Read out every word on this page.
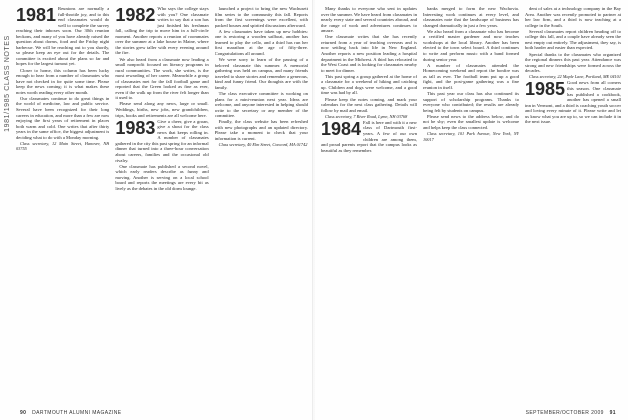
1981/1985 CLASS NOTES

1981 Reunions are normally a full-throttle joy, and to this end classmates would do well to complete the survey reaching their inboxes soon. Our 30th reunion beckons, and many of you have already raised the question about dorms, food and the Friday night barbecue. We will be reaching out to you shortly, so please keep an eye out for the details. The committee is excited about the plans so far and hopes for the largest turnout yet.

Closer to home, this column has been lucky enough to hear from a number of classmates who have not checked in for quite some time. Please keep the news coming; it is what makes these notes worth reading every other month.

Our classmates continue to do great things in the world of medicine, law and public service. Several have been recognized for their long careers in education, and more than a few are now enjoying the first years of retirement in places both warm and cold. One writes that after thirty years in the same office, the biggest adjustment is deciding what to do with a Monday morning.

Class secretary, 12 Main Street, Hanover, NH 03755

1982 Who says the college stays with you? One classmate writes to say that a son has just finished his freshman fall, calling the trip to move him in a full-circle moment. Another reports a reunion of roommates over the summer at a lake house in Maine, where the stories grew taller with every evening around the fire.

We also heard from a classmate now leading a small nonprofit focused on literacy programs in rural communities. The work, she writes, is the most rewarding of her career. Meanwhile a group of classmates met for the fall football game and reported that the Green looked as fine as ever, even if the walk up from the river felt longer than it used to.

Please send along any news, large or small. Weddings, births, new jobs, new grandchildren, trips, books and retirements are all welcome here.

1983 Give a cheer, give a groan, give a shout for the class news that keeps rolling in. A number of classmates gathered in the city this past spring for an informal dinner that turned into a three-hour conversation about careers, families and the occasional old rivalry.

One classmate has published a second novel, which early readers describe as funny and moving. Another is serving on a local school board and reports the meetings are every bit as lively as the debates in the old dorm lounge.

launched a project to bring the new Wachusett film series to the community this fall. Reports from the first screenings were excellent, with packed houses and spirited discussions afterward.

A few classmates have taken up new hobbies: one is restoring a wooden sailboat, another has learned to play the cello, and a third has run her first marathon at the age of fifty-three. Congratulations all around.

We were sorry to learn of the passing of a beloved classmate this summer. A memorial gathering was held on campus, and many friends traveled to share stories and remember a generous, kind and funny friend. Our thoughts are with the family.

The class executive committee is working on plans for a mini-reunion next year. Ideas are welcome, and anyone interested in helping should write to the secretary or any member of the committee.

Finally, the class website has been refreshed with new photographs and an updated directory. Please take a moment to check that your information is current.

Class secretary, 40 Elm Street, Concord, MA 01742

90 DARTMOUTH ALUMNI MAGAZINE

Many thanks to everyone who sent in updates over the summer. We have heard from classmates in nearly every state and several countries abroad, and the range of work and adventures continues to amaze.

One classmate writes that she has recently returned from a year of teaching overseas and is now settling back into life in New England. Another reports a new position leading a hospital department in the Midwest. A third has relocated to the West Coast and is looking for classmates nearby to meet for dinner.

This past spring a group gathered at the home of a classmate for a weekend of hiking and catching up. Children and dogs were welcome, and a good time was had by all.

Please keep the notes coming, and mark your calendars for the next class gathering. Details will follow by mail and email.

Class secretary, 7 River Road, Lyme, NH 03768

1984 Fall is here and with it a new class of Dartmouth first-years. A few of our own children are among them, and proud parents report that the campus looks as beautiful as they remember.

banks merged to form the new Wachovia. Interesting work continues at every level, and classmates note that the landscape of business has changed dramatically in just a few years.

We also heard from a classmate who has become a certified master gardener and now teaches workshops at the local library. Another has been elected to the town select board. A third continues to write and perform music with a band formed during senior year.

A number of classmates attended the Homecoming weekend and report the bonfire was as tall as ever. The football team put up a good fight, and the post-game gathering was a fine reunion in itself.

This past year our class has also continued its support of scholarship programs. Thanks to everyone who contributed; the results are already being felt by students on campus.

Please send news to the address below, and do not be shy; even the smallest update is welcome and helps keep the class connected.

Class secretary, 101 Park Avenue, New York, NY 10017

dent of sales at a technology company in the Bay Area. Another was recently promoted to partner at her law firm, and a third is now teaching at a college in the South.

Several classmates report children heading off to college this fall, and a couple have already seen the nest empty out entirely. The adjustment, they say, is both harder and easier than expected.

Special thanks to the classmates who organized the regional dinners this past year. Attendance was strong and new friendships were formed across the decades.

Class secretary, 22 Maple Lane, Portland, ME 04101

1985 Good news from all corners this season. One classmate has published a cookbook, another has opened a small inn in Vermont, and a third is coaching youth soccer and loving every minute of it. Please write and let us know what you are up to, so we can include it in the next issue.

SEPTEMBER/OCTOBER 2009 91
